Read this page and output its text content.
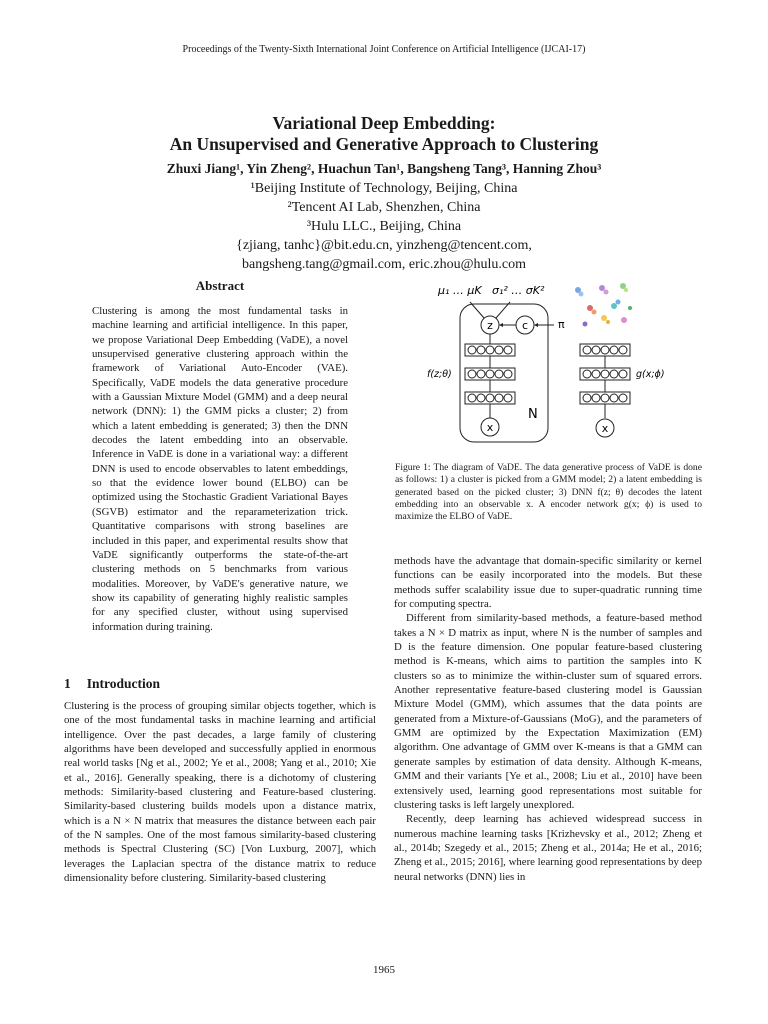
Proceedings of the Twenty-Sixth International Joint Conference on Artificial Intelligence (IJCAI-17)
Variational Deep Embedding:
An Unsupervised and Generative Approach to Clustering
Zhuxi Jiang¹, Yin Zheng², Huachun Tan¹, Bangsheng Tang³, Hanning Zhou³
¹Beijing Institute of Technology, Beijing, China
²Tencent AI Lab, Shenzhen, China
³Hulu LLC., Beijing, China
{zjiang, tanhc}@bit.edu.cn, yinzheng@tencent.com,
bangsheng.tang@gmail.com, eric.zhou@hulu.com
Abstract

Clustering is among the most fundamental tasks in machine learning and artificial intelligence. In this paper, we propose Variational Deep Embedding (VaDE), a novel unsupervised generative clustering approach within the framework of Variational Auto-Encoder (VAE). Specifically, VaDE models the data generative procedure with a Gaussian Mixture Model (GMM) and a deep neural network (DNN): 1) the GMM picks a cluster; 2) from which a latent embedding is generated; 3) then the DNN decodes the latent embedding into an observable. Inference in VaDE is done in a variational way: a different DNN is used to encode observables to latent embeddings, so that the evidence lower bound (ELBO) can be optimized using the Stochastic Gradient Variational Bayes (SGVB) estimator and the reparameterization trick. Quantitative comparisons with strong baselines are included in this paper, and experimental results show that VaDE significantly outperforms the state-of-the-art clustering methods on 5 benchmarks from various modalities. Moreover, by VaDE's generative nature, we show its capability of generating highly realistic samples for any specified cluster, without using supervised information during training.

1 Introduction

Clustering is the process of grouping similar objects together, which is one of the most fundamental tasks in machine learning and artificial intelligence. Over the past decades, a large family of clustering algorithms have been developed and successfully applied in enormous real world tasks [Ng et al., 2002; Ye et al., 2008; Yang et al., 2010; Xie et al., 2016]. Generally speaking, there is a dichotomy of clustering methods: Similarity-based clustering and Feature-based clustering. Similarity-based clustering builds models upon a distance matrix, which is a N × N matrix that measures the distance between each pair of the N samples. One of the most famous similarity-based clustering methods is Spectral Clustering (SC) [Von Luxburg, 2007], which leverages the Laplacian spectra of the distance matrix to reduce dimensionality before clustering. Similarity-based clustering

μ₁ … μK σ₁² … σK²
z	c	π
x
f(z;θ)
N
x
g(x;ϕ)
Figure 1: The diagram of VaDE. The data generative process of VaDE is done as follows: 1) a cluster is picked from a GMM model; 2) a latent embedding is generated based on the picked cluster; 3) DNN f(z; θ) decodes the latent embedding into an observable x. A encoder network g(x; ϕ) is used to maximize the ELBO of VaDE.

methods have the advantage that domain-specific similarity or kernel functions can be easily incorporated into the models. But these methods suffer scalability issue due to super-quadratic running time for computing spectra.

Different from similarity-based methods, a feature-based method takes a N × D matrix as input, where N is the number of samples and D is the feature dimension. One popular feature-based clustering method is K-means, which aims to partition the samples into K clusters so as to minimize the within-cluster sum of squared errors. Another representative feature-based clustering model is Gaussian Mixture Model (GMM), which assumes that the data points are generated from a Mixture-of-Gaussians (MoG), and the parameters of GMM are optimized by the Expectation Maximization (EM) algorithm. One advantage of GMM over K-means is that a GMM can generate samples by estimation of data density. Although K-means, GMM and their variants [Ye et al., 2008; Liu et al., 2010] have been extensively used, learning good representations most suitable for clustering tasks is left largely unexplored.

Recently, deep learning has achieved widespread success in numerous machine learning tasks [Krizhevsky et al., 2012; Zheng et al., 2014b; Szegedy et al., 2015; Zheng et al., 2014a; He et al., 2016; Zheng et al., 2015; 2016], where learning good representations by deep neural networks (DNN) lies in

1965
